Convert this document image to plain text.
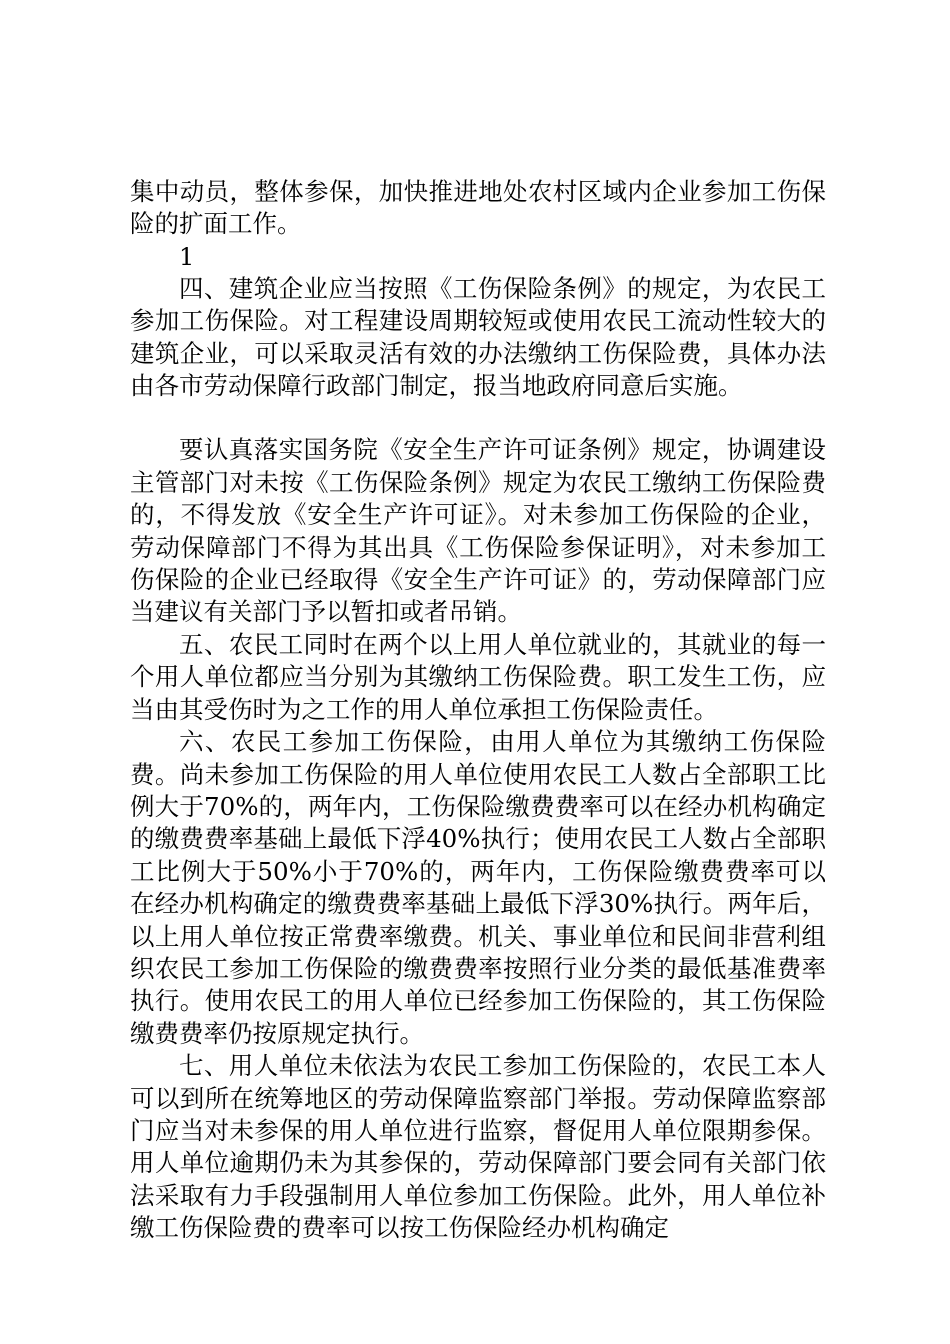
集中动员，整体参保，加快推进地处农村区域内企业参加工伤保险的扩面工作。

1

四、建筑企业应当按照《工伤保险条例》的规定，为农民工参加工伤保险。对工程建设周期较短或使用农民工流动性较大的建筑企业，可以采取灵活有效的办法缴纳工伤保险费，具体办法由各市劳动保障行政部门制定，报当地政府同意后实施。

要认真落实国务院《安全生产许可证条例》规定，协调建设主管部门对未按《工伤保险条例》规定为农民工缴纳工伤保险费的，不得发放《安全生产许可证》。对未参加工伤保险的企业，劳动保障部门不得为其出具《工伤保险参保证明》，对未参加工伤保险的企业已经取得《安全生产许可证》的，劳动保障部门应当建议有关部门予以暂扣或者吊销。

五、农民工同时在两个以上用人单位就业的，其就业的每一个用人单位都应当分别为其缴纳工伤保险费。职工发生工伤，应当由其受伤时为之工作的用人单位承担工伤保险责任。

六、农民工参加工伤保险，由用人单位为其缴纳工伤保险费。尚未参加工伤保险的用人单位使用农民工人数占全部职工比例大于70%的，两年内，工伤保险缴费费率可以在经办机构确定的缴费费率基础上最低下浮40%执行；使用农民工人数占全部职工比例大于50%小于70%的，两年内，工伤保险缴费费率可以在经办机构确定的缴费费率基础上最低下浮30%执行。两年后，以上用人单位按正常费率缴费。机关、事业单位和民间非营利组织农民工参加工伤保险的缴费费率按照行业分类的最低基准费率执行。使用农民工的用人单位已经参加工伤保险的，其工伤保险缴费费率仍按原规定执行。

七、用人单位未依法为农民工参加工伤保险的，农民工本人可以到所在统筹地区的劳动保障监察部门举报。劳动保障监察部门应当对未参保的用人单位进行监察，督促用人单位限期参保。用人单位逾期仍未为其参保的，劳动保障部门要会同有关部门依法采取有力手段强制用人单位参加工伤保险。此外，用人单位补缴工伤保险费的费率可以按工伤保险经办机构确定
